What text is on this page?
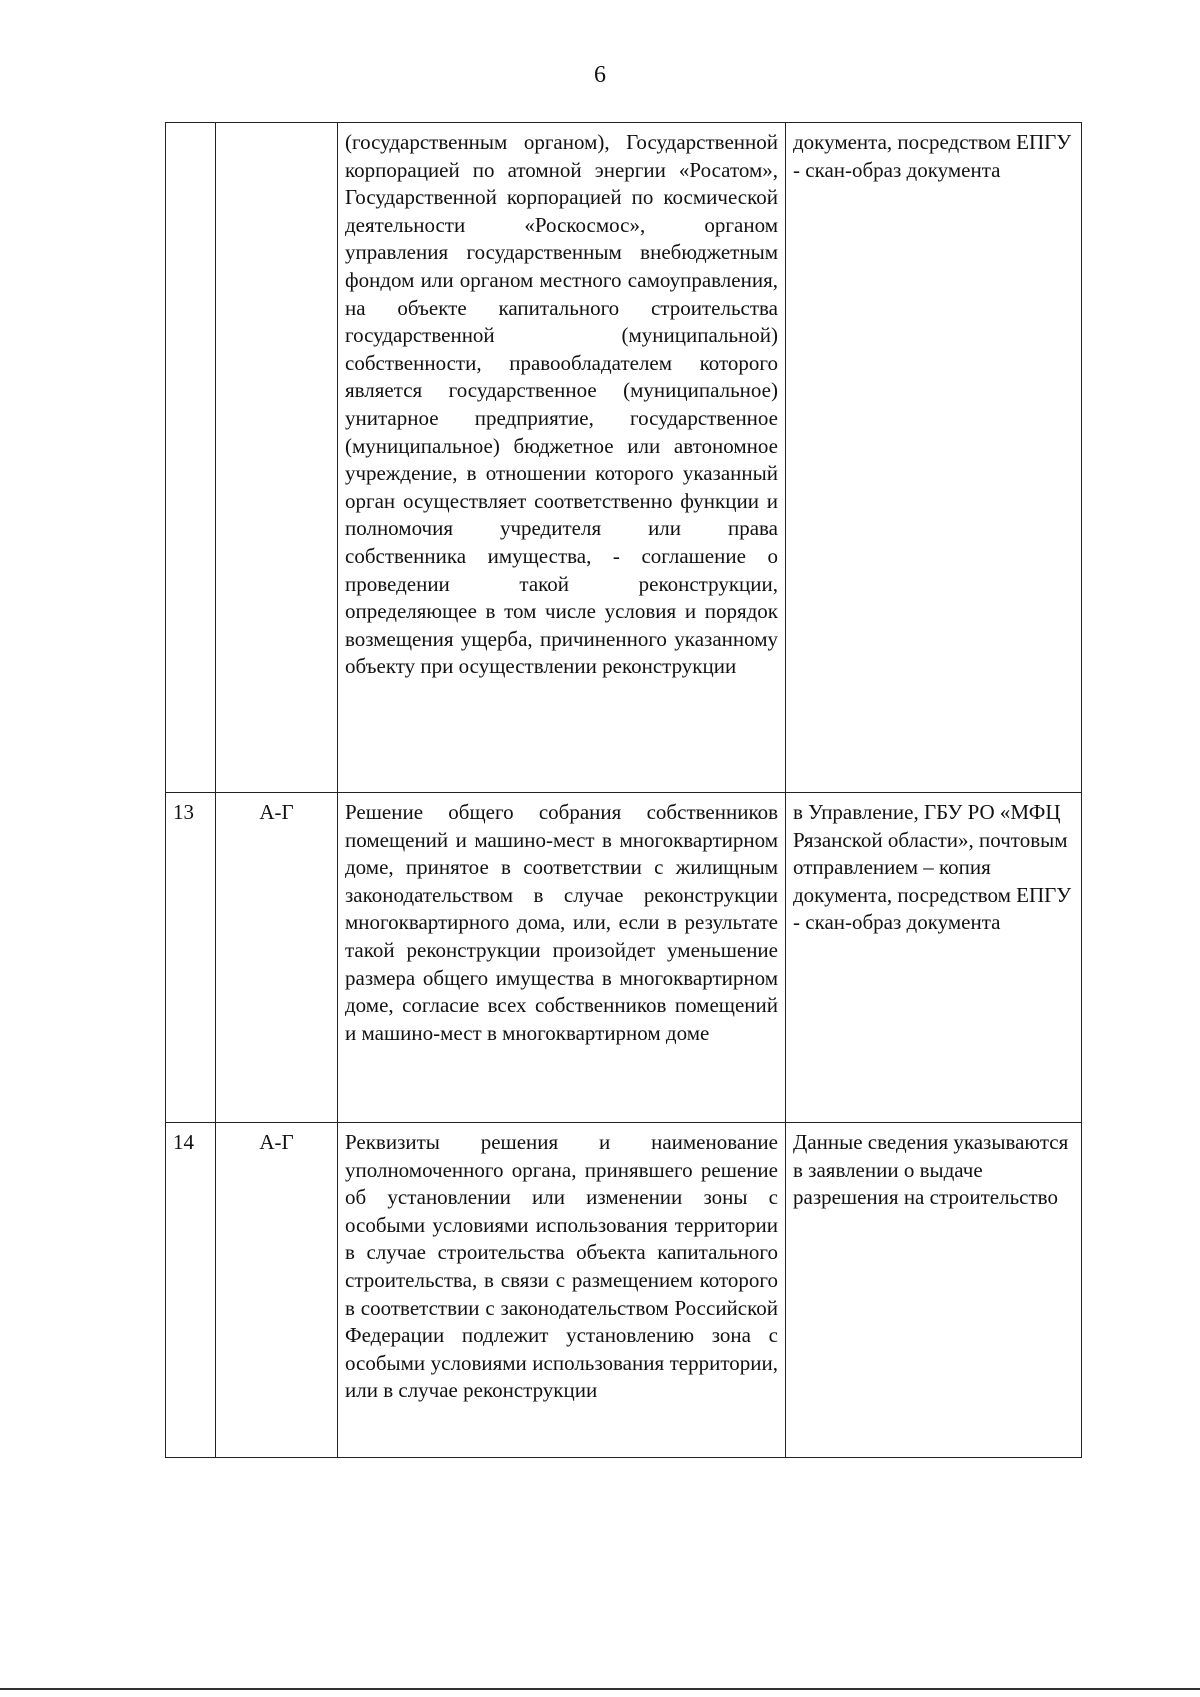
6
		(государственным органом), Государственной корпорацией по атомной энергии «Росатом», Государственной корпорацией по космической деятельности «Роскосмос», органом управления государственным внебюджетным фондом или органом местного самоуправления, на объекте капитального строительства государственной (муниципальной) собственности, правообладателем которого является государственное (муниципальное) унитарное предприятие, государственное (муниципальное) бюджетное или автономное учреждение, в отношении которого указанный орган осуществляет соответственно функции и полномочия учредителя или права собственника имущества, - соглашение о проведении такой реконструкции, определяющее в том числе условия и порядок возмещения ущерба, причиненного указанному объекту при осуществлении реконструкции	документа, посредством ЕПГУ - скан-образ документа
13	А-Г	Решение общего собрания собственников помещений и машино-мест в многоквартирном доме, принятое в соответствии с жилищным законодательством в случае реконструкции многоквартирного дома, или, если в результате такой реконструкции произойдет уменьшение размера общего имущества в многоквартирном доме, согласие всех собственников помещений и машино-мест в многоквартирном доме	в Управление, ГБУ РО «МФЦ Рязанской области», почтовым отправлением – копия документа, посредством ЕПГУ - скан-образ документа
14	А-Г	Реквизиты решения и наименование уполномоченного органа, принявшего решение об установлении или изменении зоны с особыми условиями использования территории в случае строительства объекта капитального строительства, в связи с размещением которого в соответствии с законодательством Российской Федерации подлежит установлению зона с особыми условиями использования территории, или в случае реконструкции	Данные сведения указываются в заявлении о выдаче разрешения на строительство
